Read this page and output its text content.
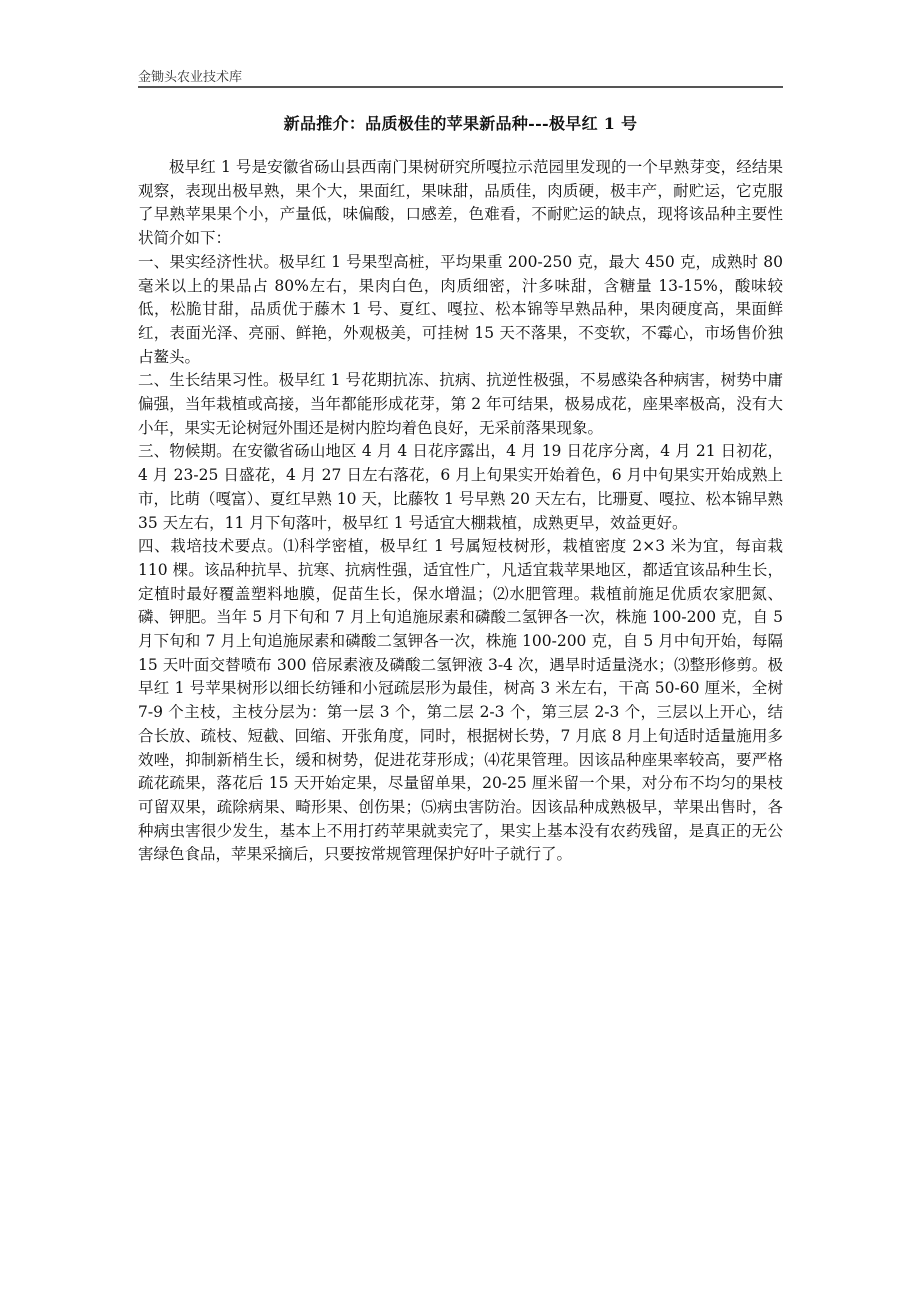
金锄头农业技术库
新品推介：品质极佳的苹果新品种---极早红 1 号

极早红 1 号是安徽省砀山县西南门果树研究所嘎拉示范园里发现的一个早熟芽变，经结果观察，表现出极早熟，果个大，果面红，果味甜，品质佳，肉质硬，极丰产，耐贮运，它克服了早熟苹果果个小，产量低，味偏酸，口感差，色难看，不耐贮运的缺点，现将该品种主要性状简介如下：

一、果实经济性状。极早红 1 号果型高桩，平均果重 200-250 克，最大 450 克，成熟时 80 毫米以上的果品占 80%左右，果肉白色，肉质细密，汁多味甜，含糖量 13-15%，酸味较低，松脆甘甜，品质优于藤木 1 号、夏红、嘎拉、松本锦等早熟品种，果肉硬度高，果面鲜红，表面光泽、亮丽、鲜艳，外观极美，可挂树 15 天不落果，不变软，不霉心，市场售价独占鳌头。

二、生长结果习性。极早红 1 号花期抗冻、抗病、抗逆性极强，不易感染各种病害，树势中庸偏强，当年栽植或高接，当年都能形成花芽，第 2 年可结果，极易成花，座果率极高，没有大小年，果实无论树冠外围还是树内腔均着色良好，无采前落果现象。

三、物候期。在安徽省砀山地区 4 月 4 日花序露出，4 月 19 日花序分离，4 月 21 日初花，4 月 23-25 日盛花，4 月 27 日左右落花，6 月上旬果实开始着色，6 月中旬果实开始成熟上市，比萌（嘎富）、夏红早熟 10 天，比藤牧 1 号早熟 20 天左右，比珊夏、嘎拉、松本锦早熟 35 天左右，11 月下旬落叶，极早红 1 号适宜大棚栽植，成熟更早，效益更好。

四、栽培技术要点。⑴科学密植，极早红 1 号属短枝树形，栽植密度 2×3 米为宜，每亩栽 110 棵。该品种抗旱、抗寒、抗病性强，适宜性广，凡适宜栽苹果地区，都适宜该品种生长，定植时最好覆盖塑料地膜，促苗生长，保水增温；⑵水肥管理。栽植前施足优质农家肥氮、磷、钾肥。当年 5 月下旬和 7 月上旬追施尿素和磷酸二氢钾各一次，株施 100-200 克，自 5 月下旬和 7 月上旬追施尿素和磷酸二氢钾各一次，株施 100-200 克，自 5 月中旬开始，每隔 15 天叶面交替喷布 300 倍尿素液及磷酸二氢钾液 3-4 次，遇旱时适量浇水；⑶整形修剪。极早红 1 号苹果树形以细长纺锤和小冠疏层形为最佳，树高 3 米左右，干高 50-60 厘米，全树 7-9 个主枝，主枝分层为：第一层 3 个，第二层 2-3 个，第三层 2-3 个，三层以上开心，结合长放、疏枝、短截、回缩、开张角度，同时，根据树长势，7 月底 8 月上旬适时适量施用多效唑，抑制新梢生长，缓和树势，促进花芽形成；⑷花果管理。因该品种座果率较高，要严格疏花疏果，落花后 15 天开始定果，尽量留单果，20-25 厘米留一个果，对分布不均匀的果枝可留双果，疏除病果、畸形果、创伤果；⑸病虫害防治。因该品种成熟极早，苹果出售时，各种病虫害很少发生，基本上不用打药苹果就卖完了，果实上基本没有农药残留，是真正的无公害绿色食品，苹果采摘后，只要按常规管理保护好叶子就行了。
